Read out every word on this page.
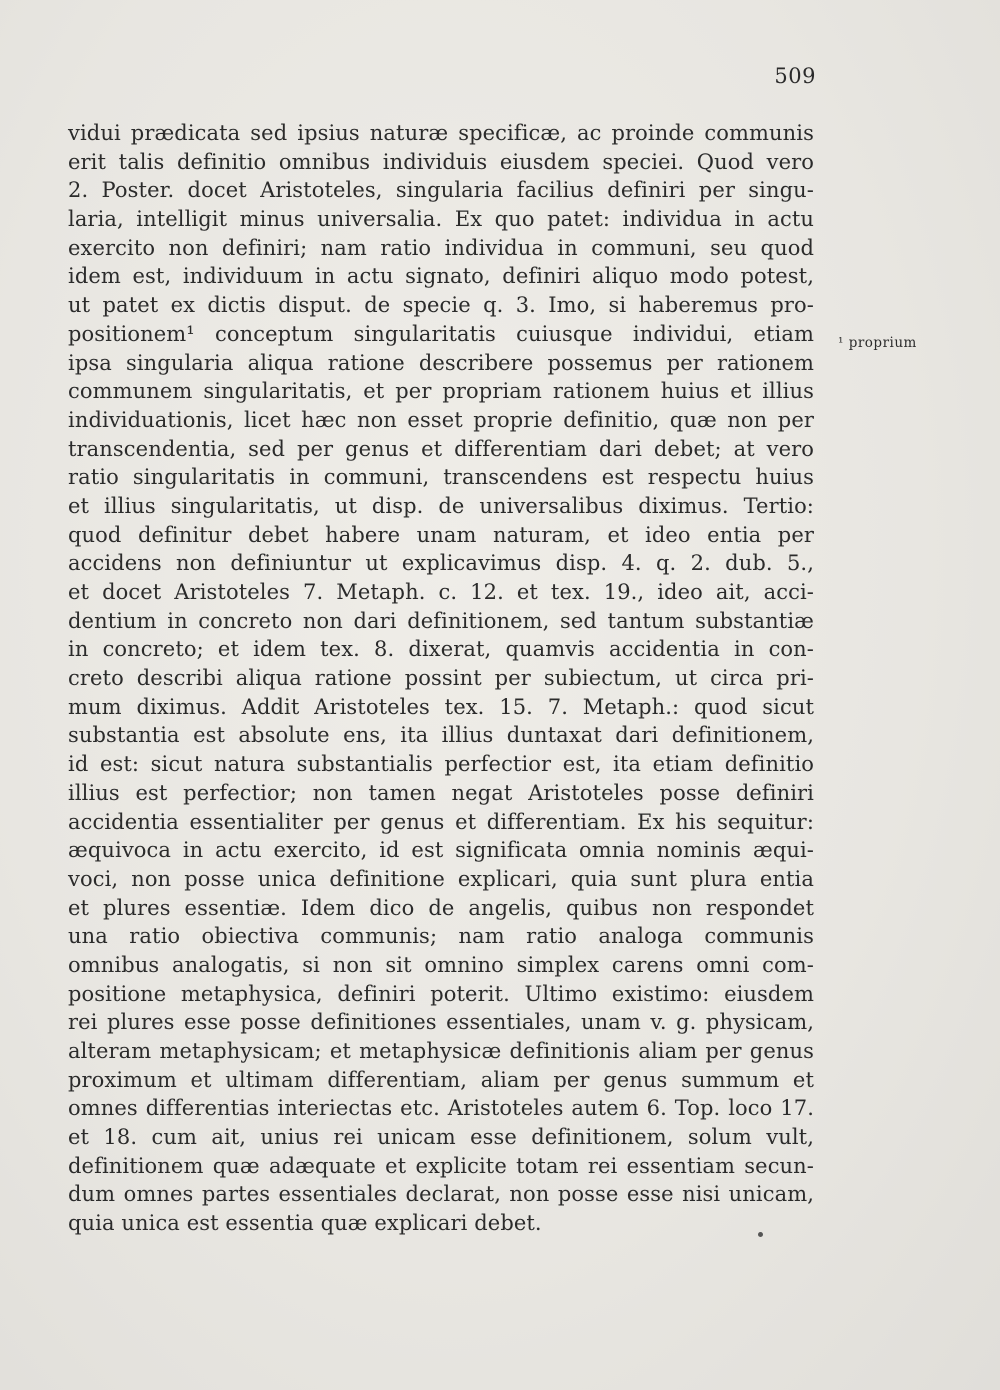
509
vidui prædicata sed ipsius naturæ specificæ, ac proinde communis
erit talis definitio omnibus individuis eiusdem speciei. Quod vero
2. Poster. docet Aristoteles, singularia facilius definiri per singu-
laria, intelligit minus universalia. Ex quo patet: individua in actu
exercito non definiri; nam ratio individua in communi, seu quod
idem est, individuum in actu signato, definiri aliquo modo potest,
ut patet ex dictis disput. de specie q. 3. Imo, si haberemus pro-
positionem¹ conceptum singularitatis cuiusque individui, etiam
ipsa singularia aliqua ratione describere possemus per rationem
communem singularitatis, et per propriam rationem huius et illius
individuationis, licet hæc non esset proprie definitio, quæ non per
transcendentia, sed per genus et differentiam dari debet; at vero
ratio singularitatis in communi, transcendens est respectu huius
et illius singularitatis, ut disp. de universalibus diximus. Tertio:
quod definitur debet habere unam naturam, et ideo entia per
accidens non definiuntur ut explicavimus disp. 4. q. 2. dub. 5.,
et docet Aristoteles 7. Metaph. c. 12. et tex. 19., ideo ait, acci-
dentium in concreto non dari definitionem, sed tantum substantiæ
in concreto; et idem tex. 8. dixerat, quamvis accidentia in con-
creto describi aliqua ratione possint per subiectum, ut circa pri-
mum diximus. Addit Aristoteles tex. 15. 7. Metaph.: quod sicut
substantia est absolute ens, ita illius duntaxat dari definitionem,
id est: sicut natura substantialis perfectior est, ita etiam definitio
illius est perfectior; non tamen negat Aristoteles posse definiri
accidentia essentialiter per genus et differentiam. Ex his sequitur:
æquivoca in actu exercito, id est significata omnia nominis æqui-
voci, non posse unica definitione explicari, quia sunt plura entia
et plures essentiæ. Idem dico de angelis, quibus non respondet
una ratio obiectiva communis; nam ratio analoga communis
omnibus analogatis, si non sit omnino simplex carens omni com-
positione metaphysica, definiri poterit. Ultimo existimo: eiusdem
rei plures esse posse definitiones essentiales, unam v. g. physicam,
alteram metaphysicam; et metaphysicæ definitionis aliam per genus
proximum et ultimam differentiam, aliam per genus summum et
omnes differentias interiectas etc. Aristoteles autem 6. Top. loco 17.
et 18. cum ait, unius rei unicam esse definitionem, solum vult,
definitionem quæ adæquate et explicite totam rei essentiam secun-
dum omnes partes essentiales declarat, non posse esse nisi unicam,
quia unica est essentia quæ explicari debet.
¹ proprium
